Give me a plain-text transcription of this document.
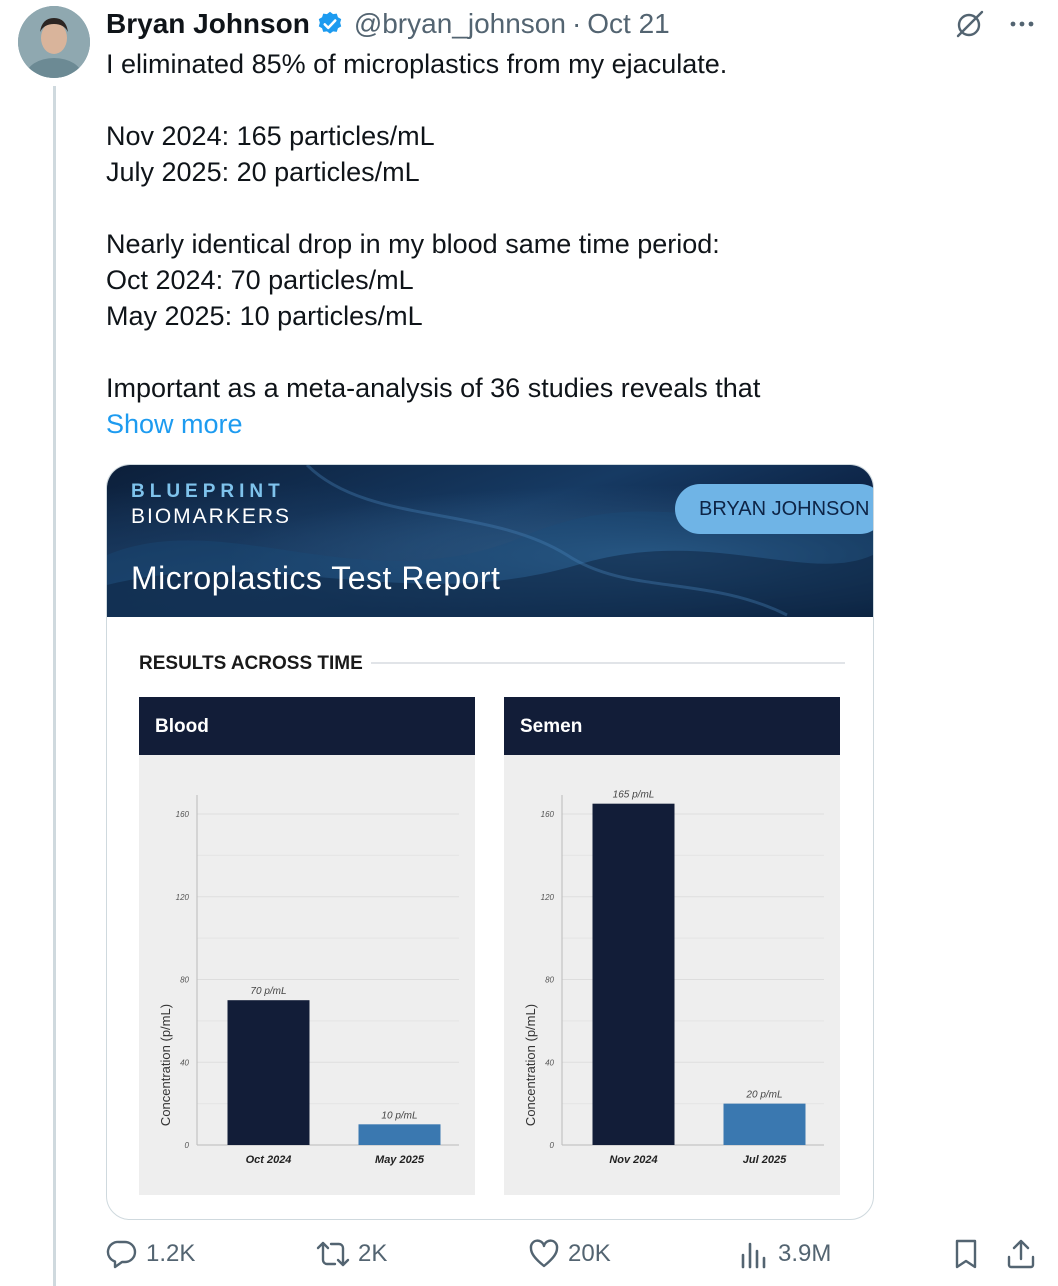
Bryan Johnson @bryan_johnson · Oct 21
I eliminated 85% of microplastics from my ejaculate.
Nov 2024: 165 particles/mL
July 2025: 20 particles/mL
Nearly identical drop in my blood same time period:
Oct 2024: 70 particles/mL
May 2025: 10 particles/mL
Important as a meta-analysis of 36 studies reveals that
Show more
BLUEPRINT
BIOMARKERS
Microplastics Test Report
BRYAN JOHNSON
RESULTS ACROSS TIME
Blood
0
40
80
120
160
Concentration (p/mL)
70 p/mL
Oct 2024
10 p/mL
May 2025
Semen
0
40
80
120
160
Concentration (p/mL)
165 p/mL
Nov 2024
20 p/mL
Jul 2025
1.2K	2K	20K	3.9M
